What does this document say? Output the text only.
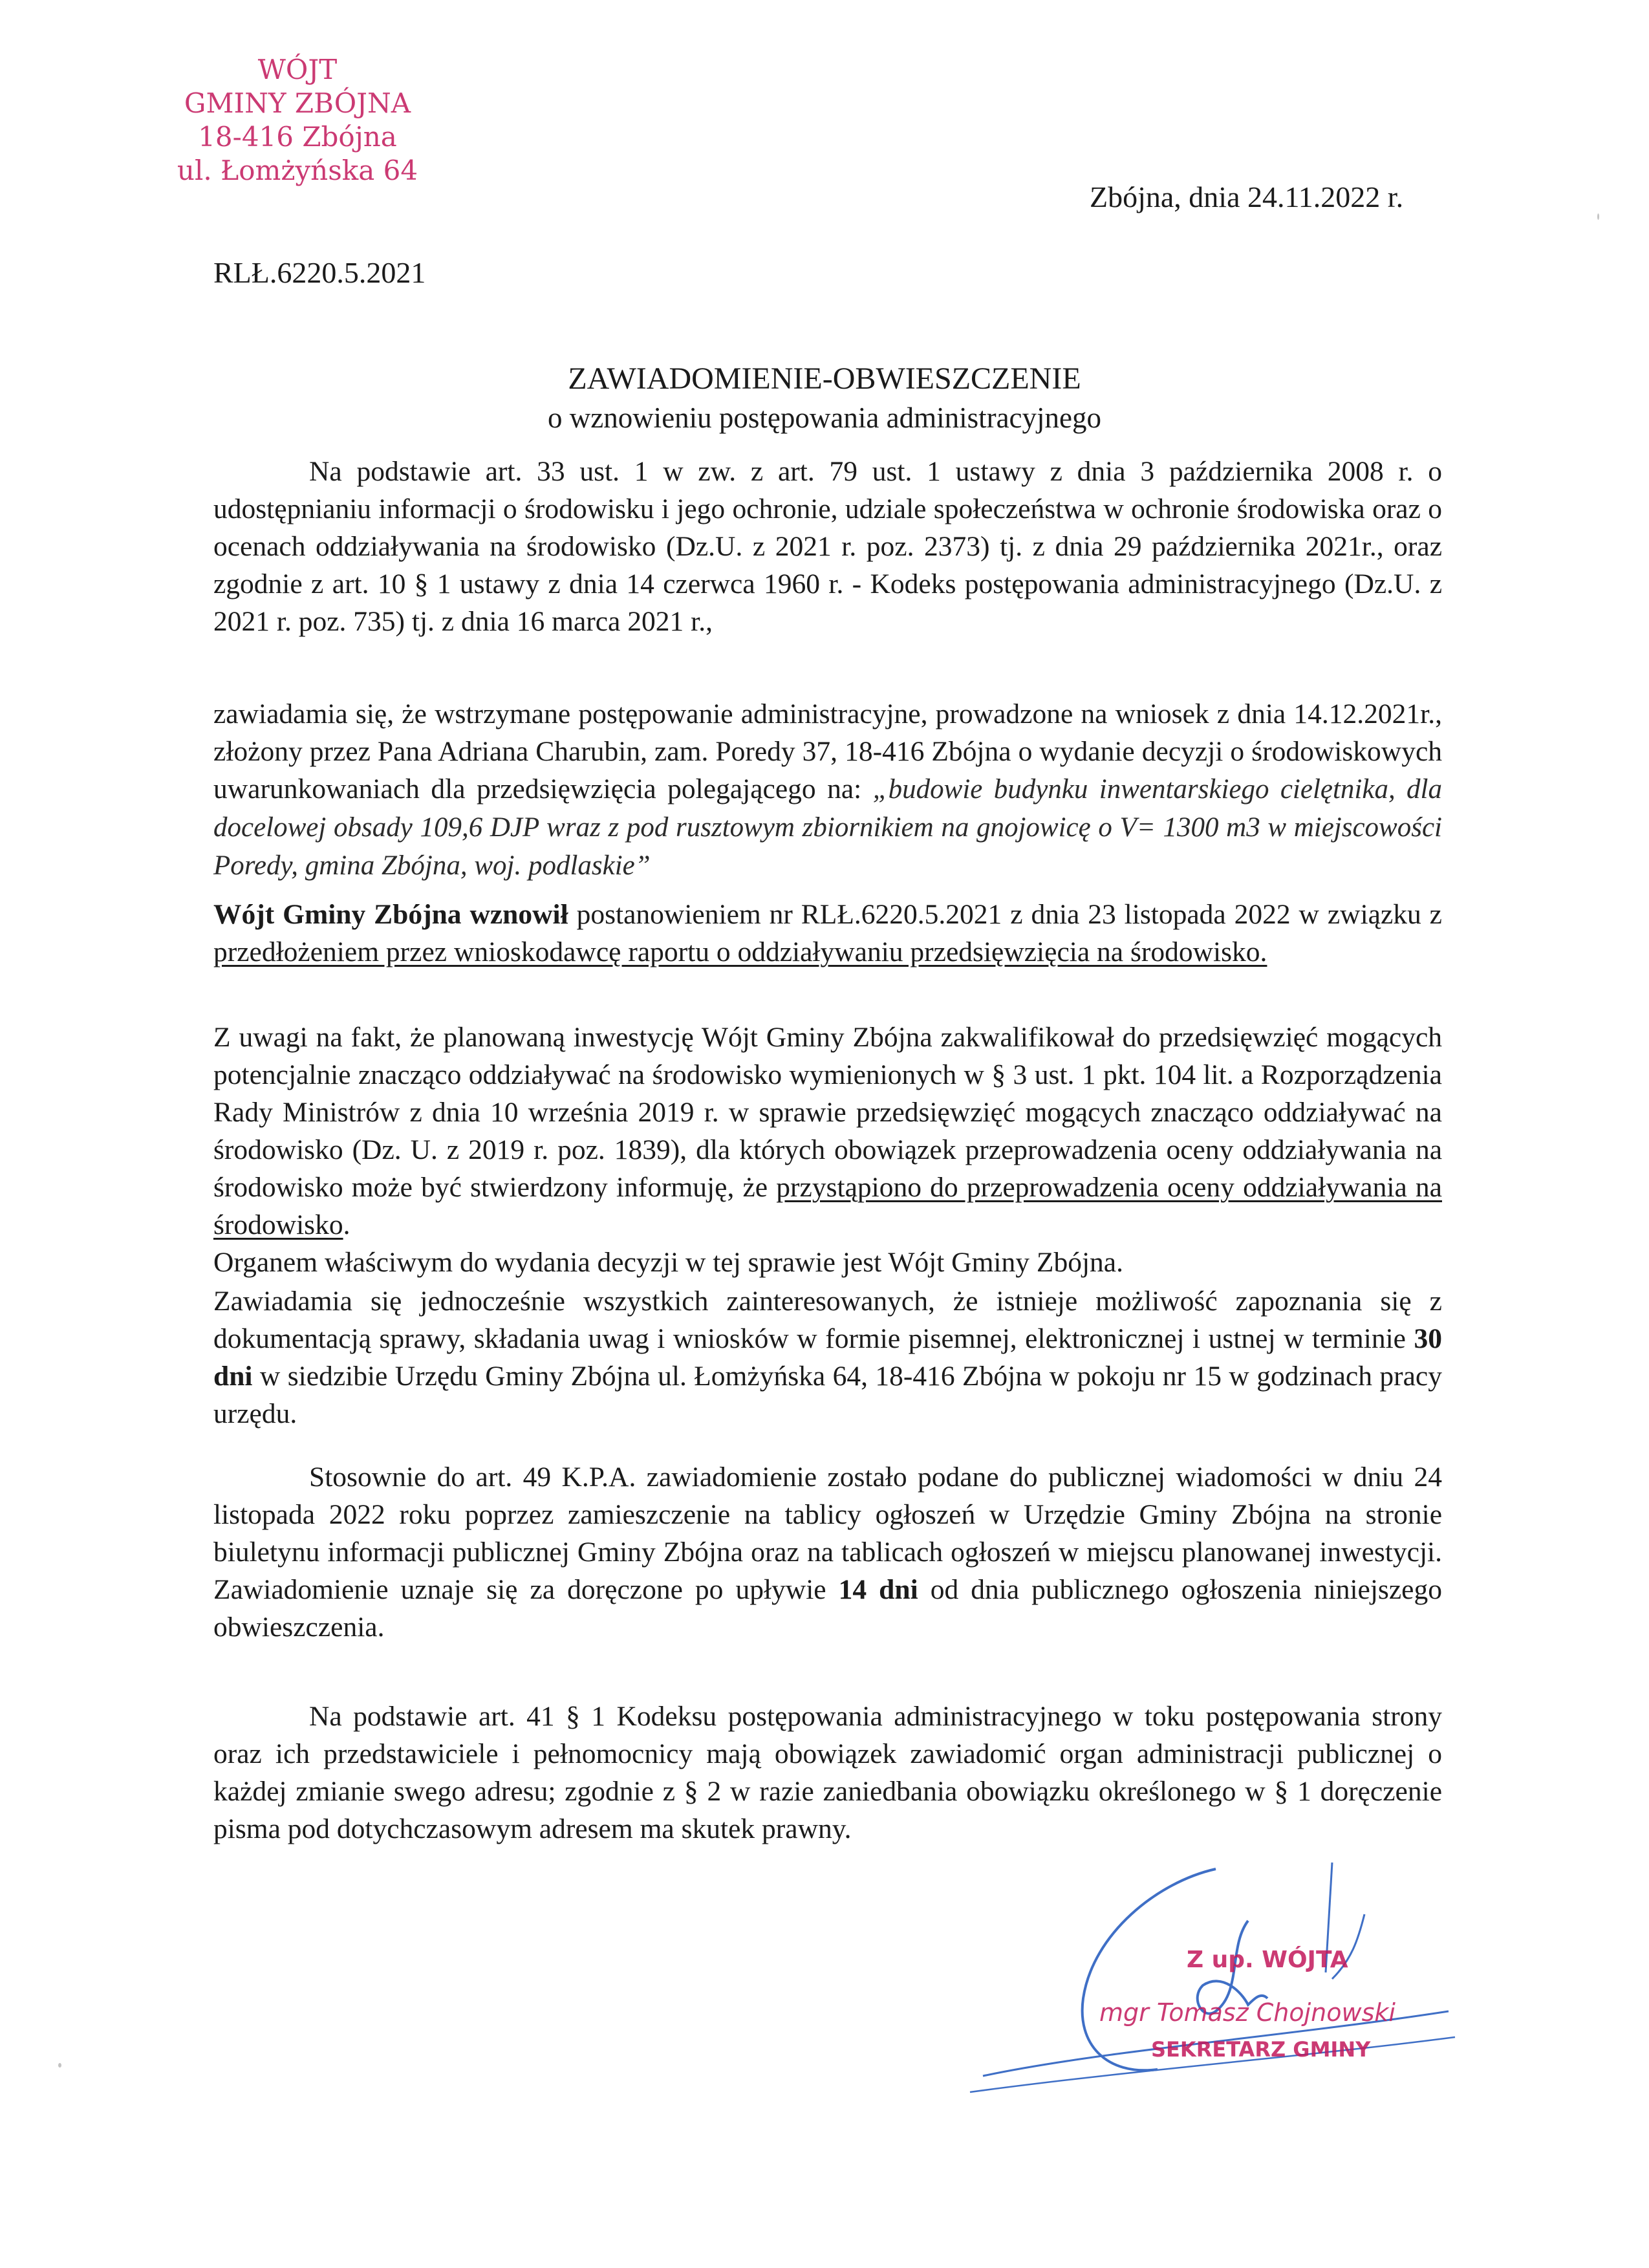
WÓJT
GMINY ZBÓJNA
18-416 Zbójna
ul. Łomżyńska 64
Zbójna, dnia 24.11.2022 r.
RLŁ.6220.5.2021
ZAWIADOMIENIE-OBWIESZCZENIE
o wznowieniu postępowania administracyjnego
Na podstawie art. 33 ust. 1 w zw. z art. 79 ust. 1 ustawy z dnia 3 października 2008 r. o udostępnianiu informacji o środowisku i jego ochronie, udziale społeczeństwa w ochronie środowiska oraz o ocenach oddziaływania na środowisko (Dz.U. z 2021 r. poz. 2373) tj. z dnia 29 października 2021r., oraz zgodnie z art. 10 § 1 ustawy z dnia 14 czerwca 1960 r. - Kodeks postępowania administracyjnego (Dz.U. z 2021 r. poz. 735) tj. z dnia 16 marca 2021 r.,
zawiadamia się, że wstrzymane postępowanie administracyjne, prowadzone na wniosek z dnia 14.12.2021r., złożony przez Pana Adriana Charubin, zam. Poredy 37, 18-416 Zbójna o wydanie decyzji o środowiskowych uwarunkowaniach dla przedsięwzięcia polegającego na: „budowie budynku inwentarskiego cielętnika, dla docelowej obsady 109,6 DJP wraz z pod rusztowym zbiornikiem na gnojowicę o V= 1300 m3 w miejscowości Poredy, gmina Zbójna, woj. podlaskie”
Wójt Gminy Zbójna wznowił postanowieniem nr RLŁ.6220.5.2021 z dnia 23 listopada 2022 w związku z przedłożeniem przez wnioskodawcę raportu o oddziaływaniu przedsięwzięcia na środowisko.
Z uwagi na fakt, że planowaną inwestycję Wójt Gminy Zbójna zakwalifikował do przedsięwzięć mogących potencjalnie znacząco oddziaływać na środowisko wymienionych w § 3 ust. 1 pkt. 104 lit. a Rozporządzenia Rady Ministrów z dnia 10 września 2019 r. w sprawie przedsięwzięć mogących znacząco oddziaływać na środowisko (Dz. U. z 2019 r. poz. 1839), dla których obowiązek przeprowadzenia oceny oddziaływania na środowisko może być stwierdzony informuję, że przystąpiono do przeprowadzenia oceny oddziaływania na środowisko.
Organem właściwym do wydania decyzji w tej sprawie jest Wójt Gminy Zbójna.
Zawiadamia się jednocześnie wszystkich zainteresowanych, że istnieje możliwość zapoznania się z dokumentacją sprawy, składania uwag i wniosków w formie pisemnej, elektronicznej i ustnej w terminie 30 dni w siedzibie Urzędu Gminy Zbójna ul. Łomżyńska 64, 18-416 Zbójna w pokoju nr 15 w godzinach pracy urzędu.
Stosownie do art. 49 K.P.A. zawiadomienie zostało podane do publicznej wiadomości w dniu 24 listopada 2022 roku poprzez zamieszczenie na tablicy ogłoszeń w Urzędzie Gminy Zbójna na stronie biuletynu informacji publicznej Gminy Zbójna oraz na tablicach ogłoszeń w miejscu planowanej inwestycji. Zawiadomienie uznaje się za doręczone po upływie 14 dni od dnia publicznego ogłoszenia niniejszego obwieszczenia.
Na podstawie art. 41 § 1 Kodeksu postępowania administracyjnego w toku postępowania strony oraz ich przedstawiciele i pełnomocnicy mają obowiązek zawiadomić organ administracji publicznej o każdej zmianie swego adresu; zgodnie z § 2 w razie zaniedbania obowiązku określonego w § 1 doręczenie pisma pod dotychczasowym adresem ma skutek prawny.
Z up. WÓJTA
mgr Tomasz Chojnowski
SEKRETARZ GMINY
